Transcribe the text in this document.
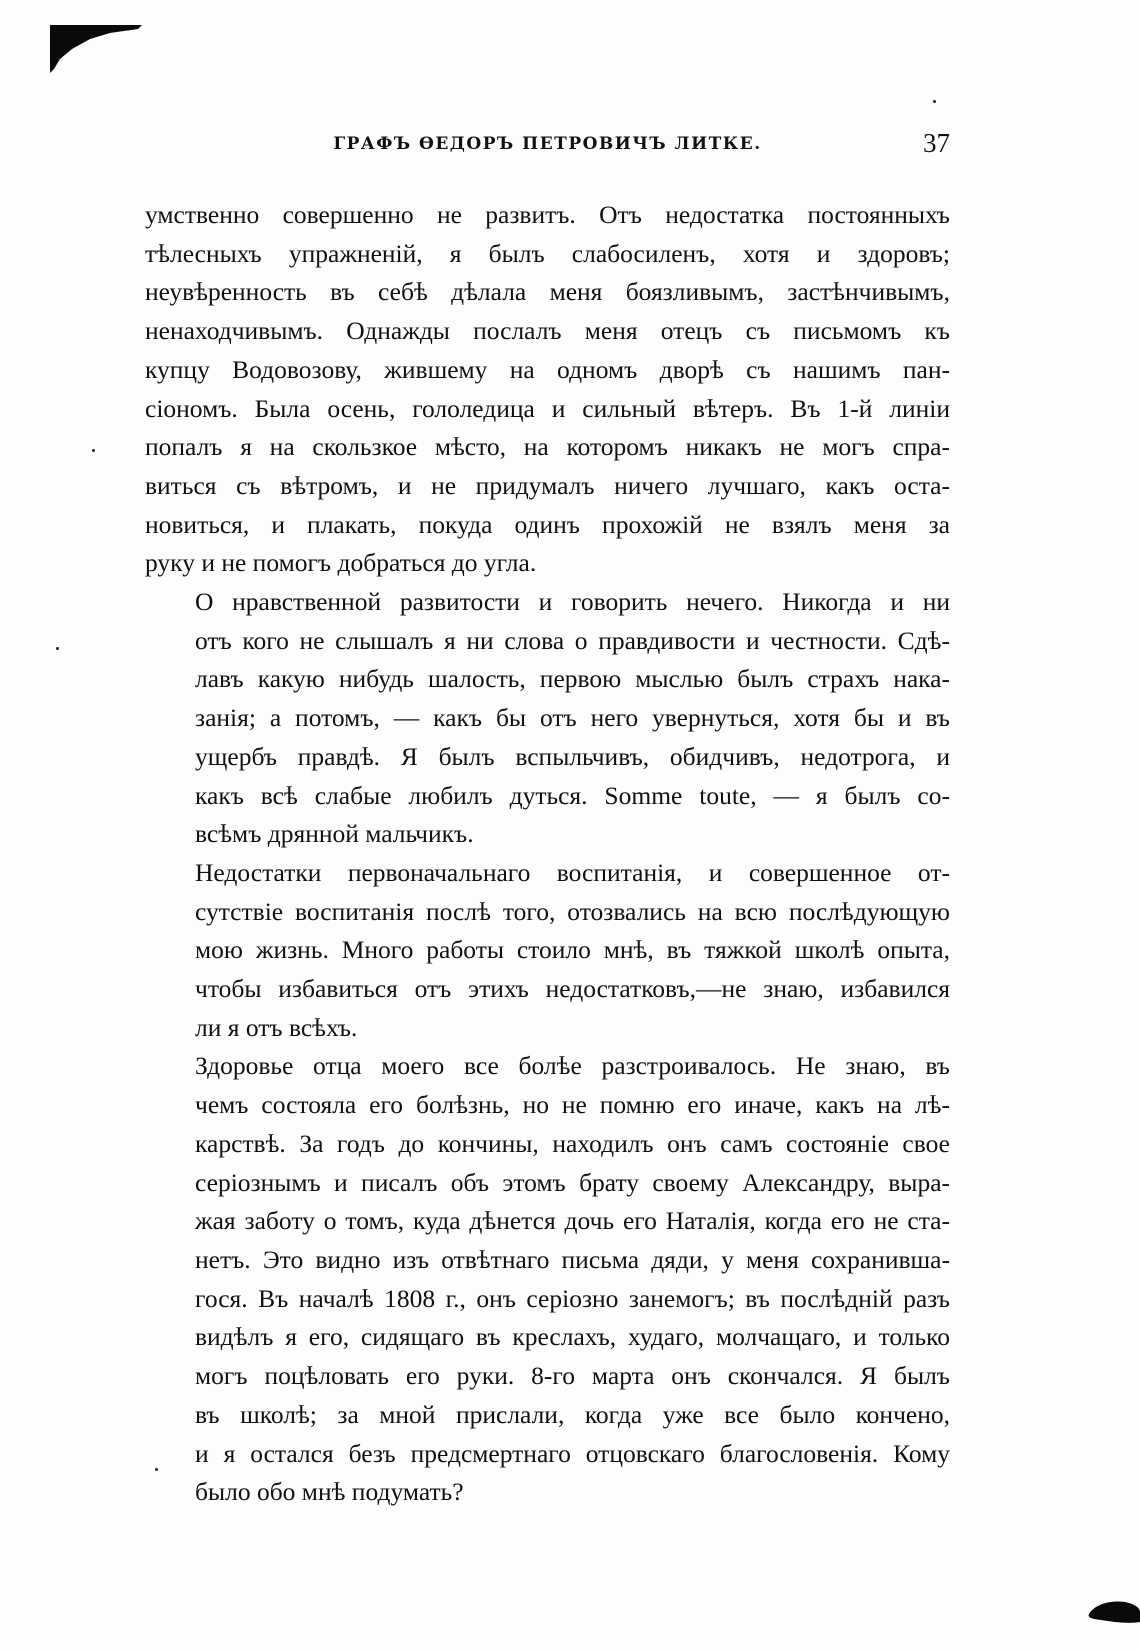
ГРАФЪ ѲЕДОРЪ ПЕТРОВИЧЪ ЛИТКЕ.	37
умственно совершенно не развитъ. Отъ недостатка постоянныхъ
тѣлесныхъ упражненій, я былъ слабосиленъ, хотя и здоровъ;
неувѣренность въ себѣ дѣлала меня боязливымъ, застѣнчивымъ,
ненаходчивымъ. Однажды послалъ меня отецъ съ письмомъ къ
купцу Водовозову, жившему на одномъ дворѣ съ нашимъ пан-
сіономъ. Была осень, гололедица и сильный вѣтеръ. Въ 1-й линіи
попалъ я на скользкое мѣсто, на которомъ никакъ не могъ спра-
виться съ вѣтромъ, и не придумалъ ничего лучшаго, какъ оста-
новиться, и плакать, покуда одинъ прохожій не взялъ меня за
руку и не помогъ добраться до угла.
О нравственной развитости и говорить нечего. Никогда и ни
отъ кого не слышалъ я ни слова о правдивости и честности. Сдѣ-
лавъ какую нибудь шалость, первою мыслью былъ страхъ нака-
занія; а потомъ, — какъ бы отъ него увернуться, хотя бы и въ
ущербъ правдѣ. Я былъ вспыльчивъ, обидчивъ, недотрога, и
какъ всѣ слабые любилъ дуться. Somme toute, — я былъ со-
всѣмъ дрянной мальчикъ.
Недостатки первоначальнаго воспитанія, и совершенное от-
сутствіе воспитанія послѣ того, отозвались на всю послѣдующую
мою жизнь. Много работы стоило мнѣ, въ тяжкой школѣ опыта,
чтобы избавиться отъ этихъ недостатковъ,—не знаю, избавился
ли я отъ всѣхъ.
Здоровье отца моего все болѣе разстроивалось. Не знаю, въ
чемъ состояла его болѣзнь, но не помню его иначе, какъ на лѣ-
карствѣ. За годъ до кончины, находилъ онъ самъ состояніе свое
серіознымъ и писалъ объ этомъ брату своему Александру, выра-
жая заботу о томъ, куда дѣнется дочь его Наталія, когда его не ста-
нетъ. Это видно изъ отвѣтнаго письма дяди, у меня сохранивша-
гося. Въ началѣ 1808 г., онъ серіозно занемогъ; въ послѣдній разъ
видѣлъ я его, сидящаго въ креслахъ, худаго, молчащаго, и только
могъ поцѣловать его руки. 8-го марта онъ скончался. Я былъ
въ школѣ; за мной прислали, когда уже все было кончено,
и я остался безъ предсмертнаго отцовскаго благословенія. Кому
было обо мнѣ подумать?
